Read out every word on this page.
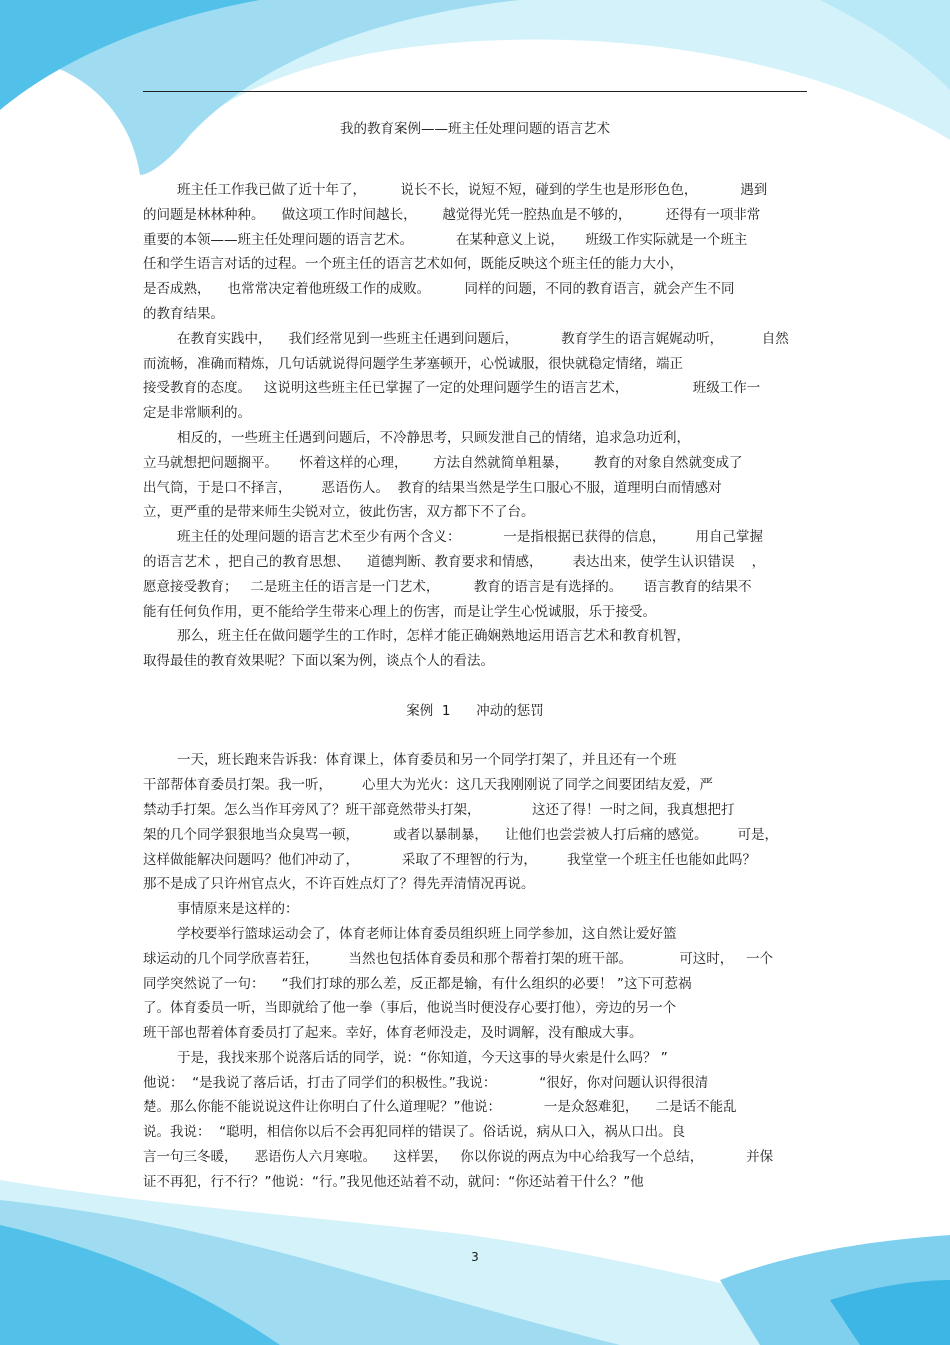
我的教育案例——班主任处理问题的语言艺术
班主任工作我已做了近十年了，        说长不长，说短不短，碰到的学生也是形形色色，          遇到
的问题是林林种种。    做这项工作时间越长，      越觉得光凭一腔热血是不够的，        还得有一项非常
重要的本领——班主任处理问题的语言艺术。          在某种意义上说，     班级工作实际就是一个班主
任和学生语言对话的过程。一个班主任的语言艺术如何，既能反映这个班主任的能力大小，
是否成熟，    也常常决定着他班级工作的成败。        同样的问题，不同的教育语言，就会产生不同
的教育结果。
在教育实践中，    我们经常见到一些班主任遇到问题后，          教育学生的语言娓娓动听，         自然
而流畅，准确而精炼，几句话就说得问题学生茅塞顿开，心悦诚服，很快就稳定情绪，端正
接受教育的态度。   这说明这些班主任已掌握了一定的处理问题学生的语言艺术，               班级工作一
定是非常顺利的。
相反的，一些班主任遇到问题后，不冷静思考，只顾发泄自己的情绪，追求急功近利，
立马就想把问题搁平。     怀着这样的心理，      方法自然就简单粗暴，      教育的对象自然就变成了
出气筒，于是口不择言，       恶语伤人。  教育的结果当然是学生口服心不服，道理明白而情感对
立，更严重的是带来师生尖锐对立，彼此伤害，双方都下不了台。
班主任的处理问题的语言艺术至少有两个含义：          一是指根据已获得的信息，       用自己掌握
的语言艺术 ，把自己的教育思想、    道德判断、教育要求和情感，       表达出来，使学生认识错误    ，
愿意接受教育；   二是班主任的语言是一门艺术，        教育的语言是有选择的。     语言教育的结果不
能有任何负作用，更不能给学生带来心理上的伤害，而是让学生心悦诚服，乐于接受。
那么，班主任在做问题学生的工作时，怎样才能正确娴熟地运用语言艺术和教育机智，
取得最佳的教育效果呢？下面以案为例，谈点个人的看法。
案例  1      冲动的惩罚
一天，班长跑来告诉我：体育课上，体育委员和另一个同学打架了，并且还有一个班
干部帮体育委员打架。我一听，       心里大为光火：这几天我刚刚说了同学之间要团结友爱，严
禁动手打架。怎么当作耳旁风了？班干部竟然带头打架，            这还了得！一时之间，我真想把打
架的几个同学狠狠地当众臭骂一顿，        或者以暴制暴，    让他们也尝尝被人打后痛的感觉。       可是，
这样做能解决问题吗？他们冲动了，          采取了不理智的行为，       我堂堂一个班主任也能如此吗？
那不是成了只许州官点火，不许百姓点灯了？得先弄清情况再说。
事情原来是这样的：
学校要举行篮球运动会了，体育老师让体育委员组织班上同学参加，这自然让爱好篮
球运动的几个同学欣喜若狂，       当然也包括体育委员和那个帮着打架的班干部。           可这时，   一个
同学突然说了一句：    “我们打球的那么差，反正都是输，有什么组织的必要！ ”这下可惹祸
了。体育委员一听，当即就给了他一拳（事后，他说当时便没存心要打他），旁边的另一个
班干部也帮着体育委员打了起来。幸好，体育老师没走，及时调解，没有酿成大事。
于是，我找来那个说落后话的同学，说：“你知道，今天这事的导火索是什么吗？ ”
他说：  “是我说了落后话，打击了同学们的积极性。”我说：          “很好，你对问题认识得很清
楚。那么你能不能说说这件让你明白了什么道理呢？”他说：          一是众怒难犯，    二是话不能乱
说。我说：  “聪明，相信你以后不会再犯同样的错误了。俗话说，病从口入，祸从口出。良
言一句三冬暖，    恶语伤人六月寒啦。    这样罢，   你以你说的两点为中心给我写一个总结，          并保
证不再犯，行不行？”他说：“行。”我见他还站着不动，就问：“你还站着干什么？”他
3
